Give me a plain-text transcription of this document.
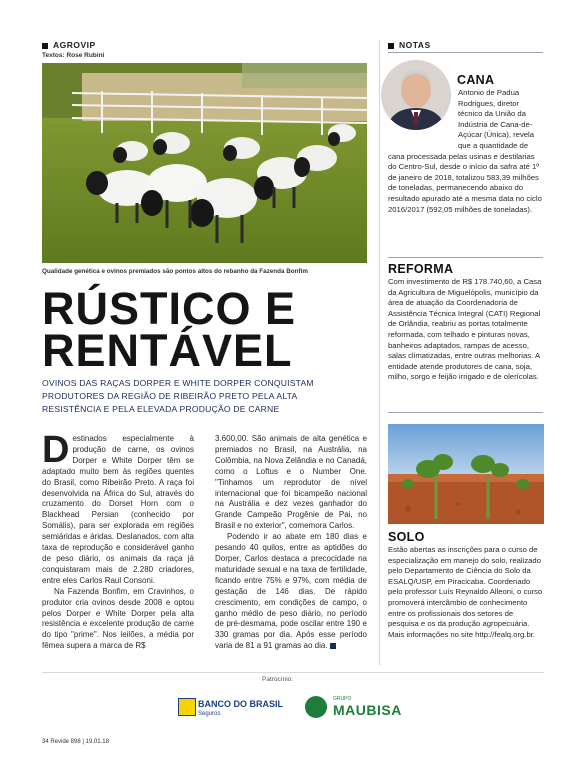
AGROVIP
Textos: Rose Rubini
Qualidade genética e ovinos premiados são pontos altos do rebanho da Fazenda Bonfim
RÚSTICO E
RENTÁVEL
OVINOS DAS RAÇAS DORPER E WHITE DORPER CONQUISTAM
PRODUTORES DA REGIÃO DE RIBEIRÃO PRETO PELA ALTA
RESISTÊNCIA E PELA ELEVADA PRODUÇÃO DE CARNE

Destinados especialmente à produção de carne, os ovinos Dorper e White Dorper têm se adaptado muito bem às regiões quentes do Brasil, como Ribeirão Preto. A raça foi desenvolvida na África do Sul, através do cruzamento do Dorset Horn com o Blackhead Persian (conhecido por Somális), para ser explorada em regiões semiáridas e áridas. Deslanados, com alta taxa de reprodução e considerável ganho de peso diário, os animais da raça já conquistaram mais de 2.280 criadores, entre eles Carlos Raul Consoni.

Na Fazenda Bonfim, em Cravinhos, o produtor cria ovinos desde 2008 e optou pelos Dorper e White Dorper pela alta resistência e excelente produção de carne do tipo "prime". Nos leilões, a média por fêmea supera a marca de R$

3.600,00. São animais de alta genética e premiados no Brasil, na Austrália, na Colômbia, na Nova Zelândia e no Canadá, como o Loftus e o Number One. "Tinhamos um reprodutor de nível internacional que foi bicampeão nacional na Austrália e dez vezes ganhador do Grande Campeão Progênie de Pai, no Brasil e no exterior", comemora Carlos.

Podendo ir ao abate em 180 dias e pesando 40 quilos, entre as aptidões do Dorper, Carlos destaca a precocidade na maturidade sexual e na taxa de fertilidade, ficando entre 75% e 97%, com média de gestação de 146 dias. De rápido crescimento, em condições de campo, o ganho médio de peso diário, no período de pré-desmama, pode oscilar entre 190 e 330 gramas por dia. Após esse período varia de 81 a 91 gramas ao dia.

NOTAS
CANA
Antonio de Padua Rodrigues, diretor técnico da União da Indústria de Cana-de-Açúcar (Única), revela que a quantidade de cana processada pelas usinas e destilarias do Centro-Sul, desde o início da safra até 1º de janeiro de 2018, totalizou 583,39 milhões de toneladas, permanecendo abaixo do resultado apurado até a mesma data no ciclo 2016/2017 (592,05 milhões de toneladas).
REFORMA
Com investimento de R$ 178.740,60, a Casa da Agricultura de Miguelópolis, município da área de atuação da Coordenadoria de Assistência Técnica Integral (CATI) Regional de Orlândia, reabriu as portas totalmente reformada, com telhado e pinturas novas, banheiros adaptados, rampas de acesso, salas climatizadas, entre outras melhorias. A entidade atende produtores de cana, soja, milho, sorgo e feijão irrigado e de olerícolas.
SOLO
Estão abertas as inscrições para o curso de especialização em manejo do solo, realizado pelo Departamento de Ciência do Solo da ESALQ/USP, em Piracicaba. Coordenado pelo professor Luís Reynaldo Alleoni, o curso promoverá intercâmbio de conhecimento entre os profissionais dos setores de pesquisa e os da produção agropecuária. Mais informações no site http://fealq.org.br.
Patrocínio:
BANCO DO BRASIL
Seguros
GRUPO
MAUBISA
34 Revide 898 | 19.01.18
